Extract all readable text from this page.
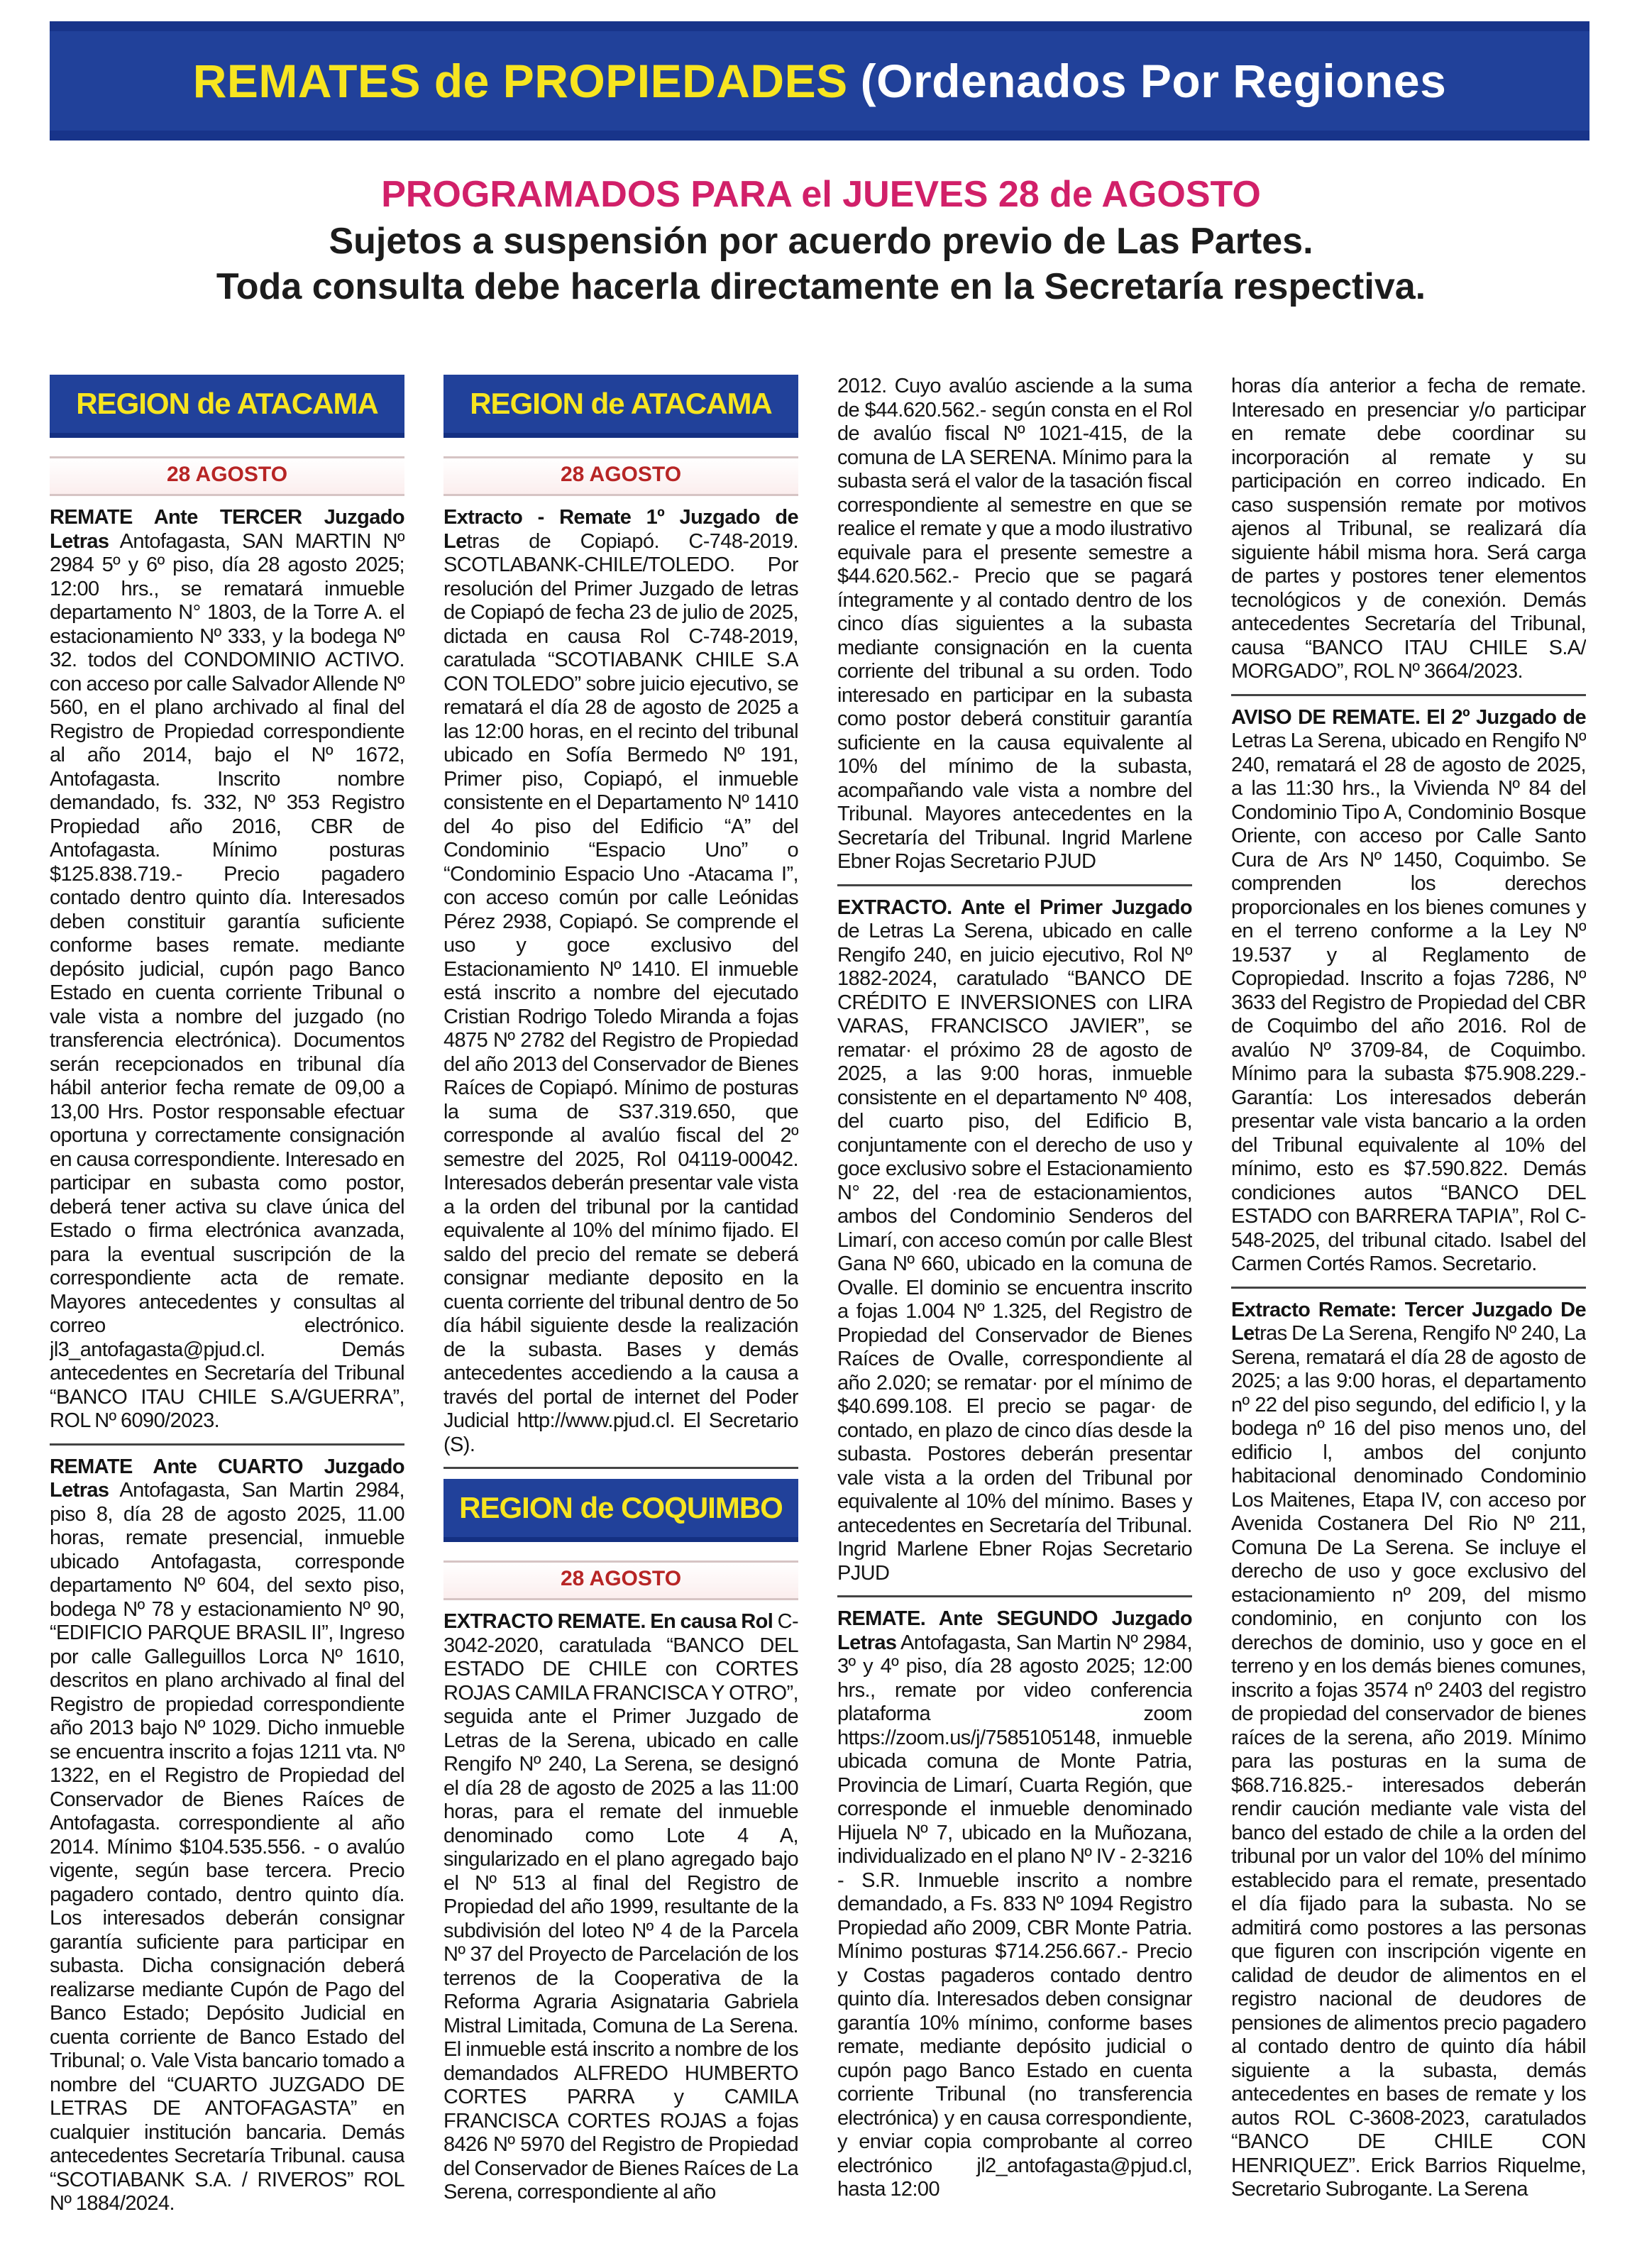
REMATES de PROPIEDADES (Ordenados Por Regiones
PROGRAMADOS PARA el JUEVES 28 de AGOSTO
Sujetos a suspensión por acuerdo previo de Las Partes.
Toda consulta debe hacerla directamente en la Secretaría respectiva.
REGION de ATACAMA
28 AGOSTO

REMATE Ante TERCER Juzgado Letras Antofagasta, SAN MARTIN Nº 2984 5º y 6º piso, día 28 agosto 2025; 12:00 hrs., se rematará inmueble departamento N° 1803, de la Torre A. el estacionamiento Nº 333, y la bodega Nº 32. todos del CONDOMINIO ACTIVO. con acceso por calle Salvador Allende Nº 560, en el plano archivado al final del Registro de Propiedad correspondiente al año 2014, bajo el Nº 1672, Antofagasta. Inscrito nombre demandado, fs. 332, Nº 353 Registro Propiedad año 2016, CBR de Antofagasta. Mínimo posturas $125.838.719.- Precio pagadero contado dentro quinto día. Interesados deben constituir garantía suficiente conforme bases remate. mediante depósito judicial, cupón pago Banco Estado en cuenta corriente Tribunal o vale vista a nombre del juzgado (no transferencia electrónica). Documentos serán recepcionados en tribunal día hábil anterior fecha remate de 09,00 a 13,00 Hrs. Postor responsable efectuar oportuna y correctamente consignación en causa correspondiente. Interesado en participar en subasta como postor, deberá tener activa su clave única del Estado o firma electrónica avanzada, para la eventual suscripción de la correspondiente acta de remate. Mayores antecedentes y consultas al correo electrónico. jl3_antofagasta@pjud.cl. Demás antecedentes en Secretaría del Tribunal “BANCO ITAU CHILE S.A/GUERRA”, ROL Nº 6090/2023.

REMATE Ante CUARTO Juzgado Letras Antofagasta, San Martin 2984, piso 8, día 28 de agosto 2025, 11.00 horas, remate presencial, inmueble ubicado Antofagasta, corresponde departamento Nº 604, del sexto piso, bodega Nº 78 y estacionamiento Nº 90, “EDIFICIO PARQUE BRASIL II”, Ingreso por calle Galleguillos Lorca Nº 1610, descritos en plano archivado al final del Registro de propiedad correspondiente año 2013 bajo Nº 1029. Dicho inmueble se encuentra inscrito a fojas 1211 vta. Nº 1322, en el Registro de Propiedad del Conservador de Bienes Raíces de Antofagasta. correspondiente al año 2014. Mínimo $104.535.556. - o avalúo vigente, según base tercera. Precio pagadero contado, dentro quinto día. Los interesados deberán consignar garantía suficiente para participar en subasta. Dicha consignación deberá realizarse mediante Cupón de Pago del Banco Estado; Depósito Judicial en cuenta corriente de Banco Estado del Tribunal; o. Vale Vista bancario tomado a nombre del “CUARTO JUZGADO DE LETRAS DE ANTOFAGASTA” en cualquier institución bancaria. Demás antecedentes Secretaría Tribunal. causa “SCOTIABANK S.A. / RIVEROS” ROL Nº 1884/2024.

REGION de ATACAMA
28 AGOSTO

Extracto - Remate 1º Juzgado de Letras de Copiapó. C-748-2019. SCOTLABANK-CHILE/TOLEDO. Por resolución del Primer Juzgado de letras de Copiapó de fecha 23 de julio de 2025, dictada en causa Rol C-748-2019, caratulada “SCOTIABANK CHILE S.A CON TOLEDO” sobre juicio ejecutivo, se rematará el día 28 de agosto de 2025 a las 12:00 horas, en el recinto del tribunal ubicado en Sofía Bermedo Nº 191, Primer piso, Copiapó, el inmueble consistente en el Departamento Nº 1410 del 4o piso del Edificio “A” del Condominio “Espacio Uno” o “Condominio Espacio Uno -Atacama I”, con acceso común por calle Leónidas Pérez 2938, Copiapó. Se comprende el uso y goce exclusivo del Estacionamiento Nº 1410. El inmueble está inscrito a nombre del ejecutado Cristian Rodrigo Toledo Miranda a fojas 4875 Nº 2782 del Registro de Propiedad del año 2013 del Conservador de Bienes Raíces de Copiapó. Mínimo de posturas la suma de S37.319.650, que corresponde al avalúo fiscal del 2º semestre del 2025, Rol 04119-00042. Interesados deberán presentar vale vista a la orden del tribunal por la cantidad equivalente al 10% del mínimo fijado. El saldo del precio del remate se deberá consignar mediante deposito en la cuenta corriente del tribunal dentro de 5o día hábil siguiente desde la realización de la subasta. Bases y demás antecedentes accediendo a la causa a través del portal de internet del Poder Judicial http://www.pjud.cl. El Secretario (S).

REGION de COQUIMBO
28 AGOSTO

EXTRACTO REMATE. En causa Rol C-3042-2020, caratulada “BANCO DEL ESTADO DE CHILE con CORTES ROJAS CAMILA FRANCISCA Y OTRO”, seguida ante el Primer Juzgado de Letras de la Serena, ubicado en calle Rengifo Nº 240, La Serena, se designó el día 28 de agosto de 2025 a las 11:00 horas, para el remate del inmueble denominado como Lote 4 A, singularizado en el plano agregado bajo el Nº 513 al final del Registro de Propiedad del año 1999, resultante de la subdivisión del loteo Nº 4 de la Parcela Nº 37 del Proyecto de Parcelación de los terrenos de la Cooperativa de la Reforma Agraria Asignataria Gabriela Mistral Limitada, Comuna de La Serena. El inmueble está inscrito a nombre de los demandados ALFREDO HUMBERTO CORTES PARRA y CAMILA FRANCISCA CORTES ROJAS a fojas 8426 Nº 5970 del Registro de Propiedad del Conservador de Bienes Raíces de La Serena, correspondiente al año

2012. Cuyo avalúo asciende a la suma de $44.620.562.- según consta en el Rol de avalúo fiscal Nº 1021-415, de la comuna de LA SERENA. Mínimo para la subasta será el valor de la tasación fiscal correspondiente al semestre en que se realice el remate y que a modo ilustrativo equivale para el presente semestre a $44.620.562.- Precio que se pagará íntegramente y al contado dentro de los cinco días siguientes a la subasta mediante consignación en la cuenta corriente del tribunal a su orden. Todo interesado en participar en la subasta como postor deberá constituir garantía suficiente en la causa equivalente al 10% del mínimo de la subasta, acompañando vale vista a nombre del Tribunal. Mayores antecedentes en la Secretaría del Tribunal. Ingrid Marlene Ebner Rojas Secretario PJUD

EXTRACTO. Ante el Primer Juzgado de Letras La Serena, ubicado en calle Rengifo 240, en juicio ejecutivo, Rol Nº 1882-2024, caratulado “BANCO DE CRÉDITO E INVERSIONES con LIRA VARAS, FRANCISCO JAVIER”, se rematar· el próximo 28 de agosto de 2025, a las 9:00 horas, inmueble consistente en el departamento Nº 408, del cuarto piso, del Edificio B, conjuntamente con el derecho de uso y goce exclusivo sobre el Estacionamiento N° 22, del ·rea de estacionamientos, ambos del Condominio Senderos del Limarí, con acceso común por calle Blest Gana Nº 660, ubicado en la comuna de Ovalle. El dominio se encuentra inscrito a fojas 1.004 Nº 1.325, del Registro de Propiedad del Conservador de Bienes Raíces de Ovalle, correspondiente al año 2.020; se rematar· por el mínimo de $40.699.108. El precio se pagar· de contado, en plazo de cinco días desde la subasta. Postores deberán presentar vale vista a la orden del Tribunal por equivalente al 10% del mínimo. Bases y antecedentes en Secretaría del Tribunal. Ingrid Marlene Ebner Rojas Secretario PJUD

REMATE. Ante SEGUNDO Juzgado Letras Antofagasta, San Martin Nº 2984, 3º y 4º piso, día 28 agosto 2025; 12:00 hrs., remate por video conferencia plataforma zoom https://zoom.us/j/7585105148, inmueble ubicada comuna de Monte Patria, Provincia de Limarí, Cuarta Región, que corresponde el inmueble denominado Hijuela Nº 7, ubicado en la Muñozana, individualizado en el plano Nº IV - 2-3216 - S.R. Inmueble inscrito a nombre demandado, a Fs. 833 Nº 1094 Registro Propiedad año 2009, CBR Monte Patria. Mínimo posturas $714.256.667.- Precio y Costas pagaderos contado dentro quinto día. Interesados deben consignar garantía 10% mínimo, conforme bases remate, mediante depósito judicial o cupón pago Banco Estado en cuenta corriente Tribunal (no transferencia electrónica) y en causa correspondiente, y enviar copia comprobante al correo electrónico jl2_antofagasta@pjud.cl, hasta 12:00

horas día anterior a fecha de remate. Interesado en presenciar y/o participar en remate debe coordinar su incorporación al remate y su participación en correo indicado. En caso suspensión remate por motivos ajenos al Tribunal, se realizará día siguiente hábil misma hora. Será carga de partes y postores tener elementos tecnológicos y de conexión. Demás antecedentes Secretaría del Tribunal, causa “BANCO ITAU CHILE S.A/ MORGADO”, ROL Nº 3664/2023.

AVISO DE REMATE. El 2º Juzgado de Letras La Serena, ubicado en Rengifo Nº 240, rematará el 28 de agosto de 2025, a las 11:30 hrs., la Vivienda Nº 84 del Condominio Tipo A, Condominio Bosque Oriente, con acceso por Calle Santo Cura de Ars Nº 1450, Coquimbo. Se comprenden los derechos proporcionales en los bienes comunes y en el terreno conforme a la Ley Nº 19.537 y al Reglamento de Copropiedad. Inscrito a fojas 7286, Nº 3633 del Registro de Propiedad del CBR de Coquimbo del año 2016. Rol de avalúo Nº 3709-84, de Coquimbo. Mínimo para la subasta $75.908.229.- Garantía: Los interesados deberán presentar vale vista bancario a la orden del Tribunal equivalente al 10% del mínimo, esto es $7.590.822. Demás condiciones autos “BANCO DEL ESTADO con BARRERA TAPIA”, Rol C-548-2025, del tribunal citado. Isabel del Carmen Cortés Ramos. Secretario.

Extracto Remate: Tercer Juzgado De Letras De La Serena, Rengifo Nº 240, La Serena, rematará el día 28 de agosto de 2025; a las 9:00 horas, el departamento nº 22 del piso segundo, del edificio l, y la bodega nº 16 del piso menos uno, del edificio l, ambos del conjunto habitacional denominado Condominio Los Maitenes, Etapa IV, con acceso por Avenida Costanera Del Rio Nº 211, Comuna De La Serena. Se incluye el derecho de uso y goce exclusivo del estacionamiento nº 209, del mismo condominio, en conjunto con los derechos de dominio, uso y goce en el terreno y en los demás bienes comunes, inscrito a fojas 3574 nº 2403 del registro de propiedad del conservador de bienes raíces de la serena, año 2019. Mínimo para las posturas en la suma de $68.716.825.- interesados deberán rendir caución mediante vale vista del banco del estado de chile a la orden del tribunal por un valor del 10% del mínimo establecido para el remate, presentado el día fijado para la subasta. No se admitirá como postores a las personas que figuren con inscripción vigente en calidad de deudor de alimentos en el registro nacional de deudores de pensiones de alimentos precio pagadero al contado dentro de quinto día hábil siguiente a la subasta, demás antecedentes en bases de remate y los autos ROL C-3608-2023, caratulados “BANCO DE CHILE CON HENRIQUEZ”. Erick Barrios Riquelme, Secretario Subrogante. La Serena
